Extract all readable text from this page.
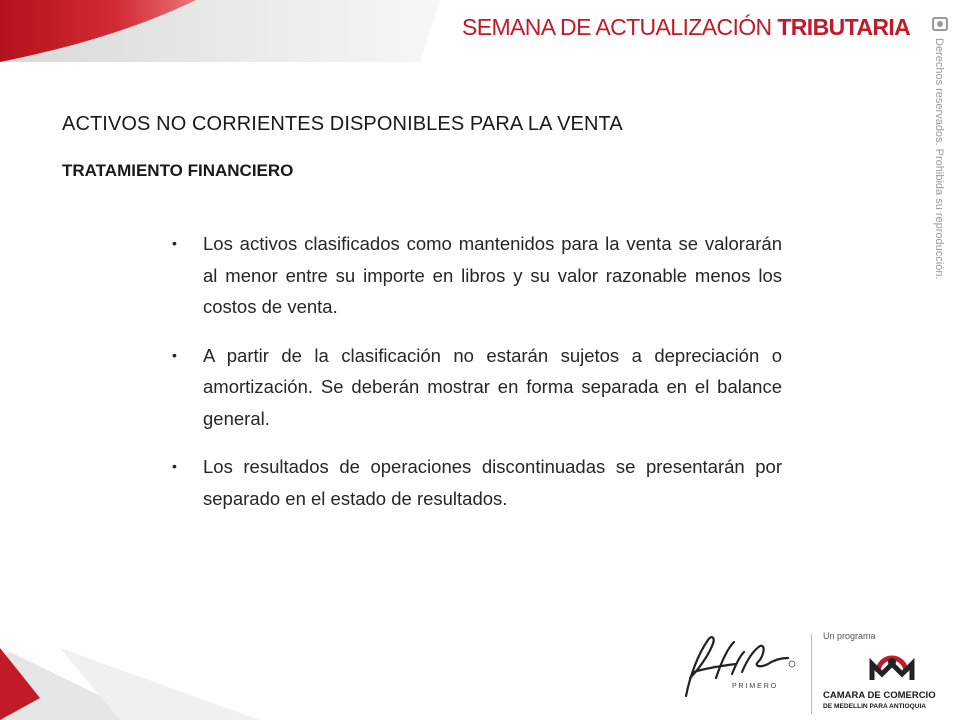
SEMANA DE ACTUALIZACIÓN TRIBUTARIA
Derechos reservados. Prohibida su reproducción.
ACTIVOS NO CORRIENTES DISPONIBLES PARA LA VENTA
TRATAMIENTO FINANCIERO
• Los activos clasificados como mantenidos para la venta se valorarán al menor entre su importe en libros y su valor razonable menos los costos de venta.
• A partir de la clasificación no estarán sujetos a depreciación o amortización. Se deberán mostrar en forma separada en el balance general.
• Los resultados de operaciones discontinuadas se presentarán por separado en el estado de resultados.
Afiliados
P R I M E R O
Un programa
CAMARA DE COMERCIO
DE MEDELLIN PARA ANTIOQUIA
